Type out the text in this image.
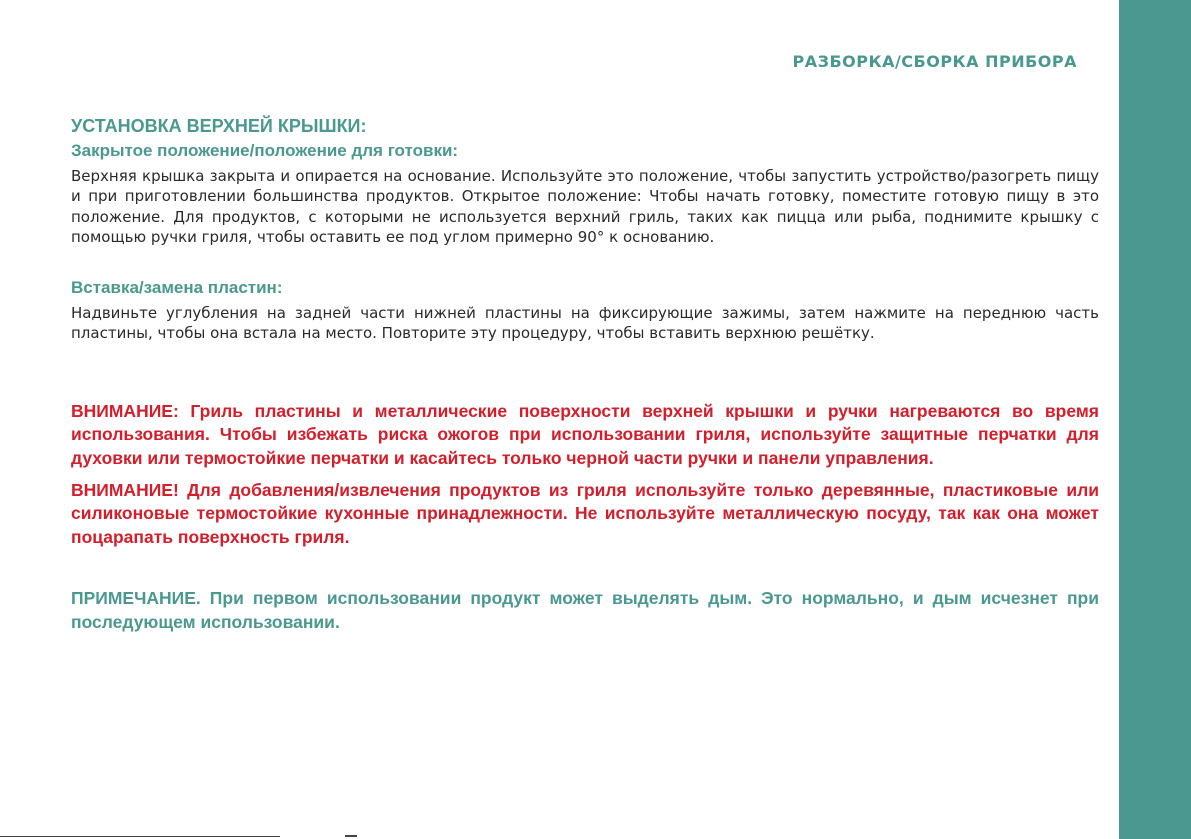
РАЗБОРКА/СБОРКА ПРИБОРА
УСТАНОВКА ВЕРХНЕЙ КРЫШКИ:
Закрытое положение/положение для готовки:

Верхняя крышка закрыта и опирается на основание. Используйте это положение, чтобы запустить устройство/разогреть пищу и при приготовлении большинства продуктов. Открытое положение: Чтобы начать готовку, поместите готовую пищу в это положение. Для продуктов, с которыми не используется верхний гриль, таких как пицца или рыба, поднимите крышку с помощью ручки гриля, чтобы оставить ее под углом примерно 90° к основанию.

Вставка/замена пластин:

Надвиньте углубления на задней части нижней пластины на фиксирующие зажимы, затем нажмите на переднюю часть пластины, чтобы она встала на место. Повторите эту процедуру, чтобы вставить верхнюю решётку.

ВНИМАНИЕ: Гриль пластины и металлические поверхности верхней крышки и ручки нагреваются во время использования. Чтобы избежать риска ожогов при использовании гриля, используйте защитные перчатки для духовки или термостойкие перчатки и касайтесь только черной части ручки и панели управления.

ВНИМАНИЕ! Для добавления/извлечения продуктов из гриля используйте только деревянные, пластиковые или силиконовые термостойкие кухонные принадлежности. Не используйте металлическую посуду, так как она может поцарапать поверхность гриля.

ПРИМЕЧАНИЕ. При первом использовании продукт может выделять дым. Это нормально, и дым исчезнет при последующем использовании.
